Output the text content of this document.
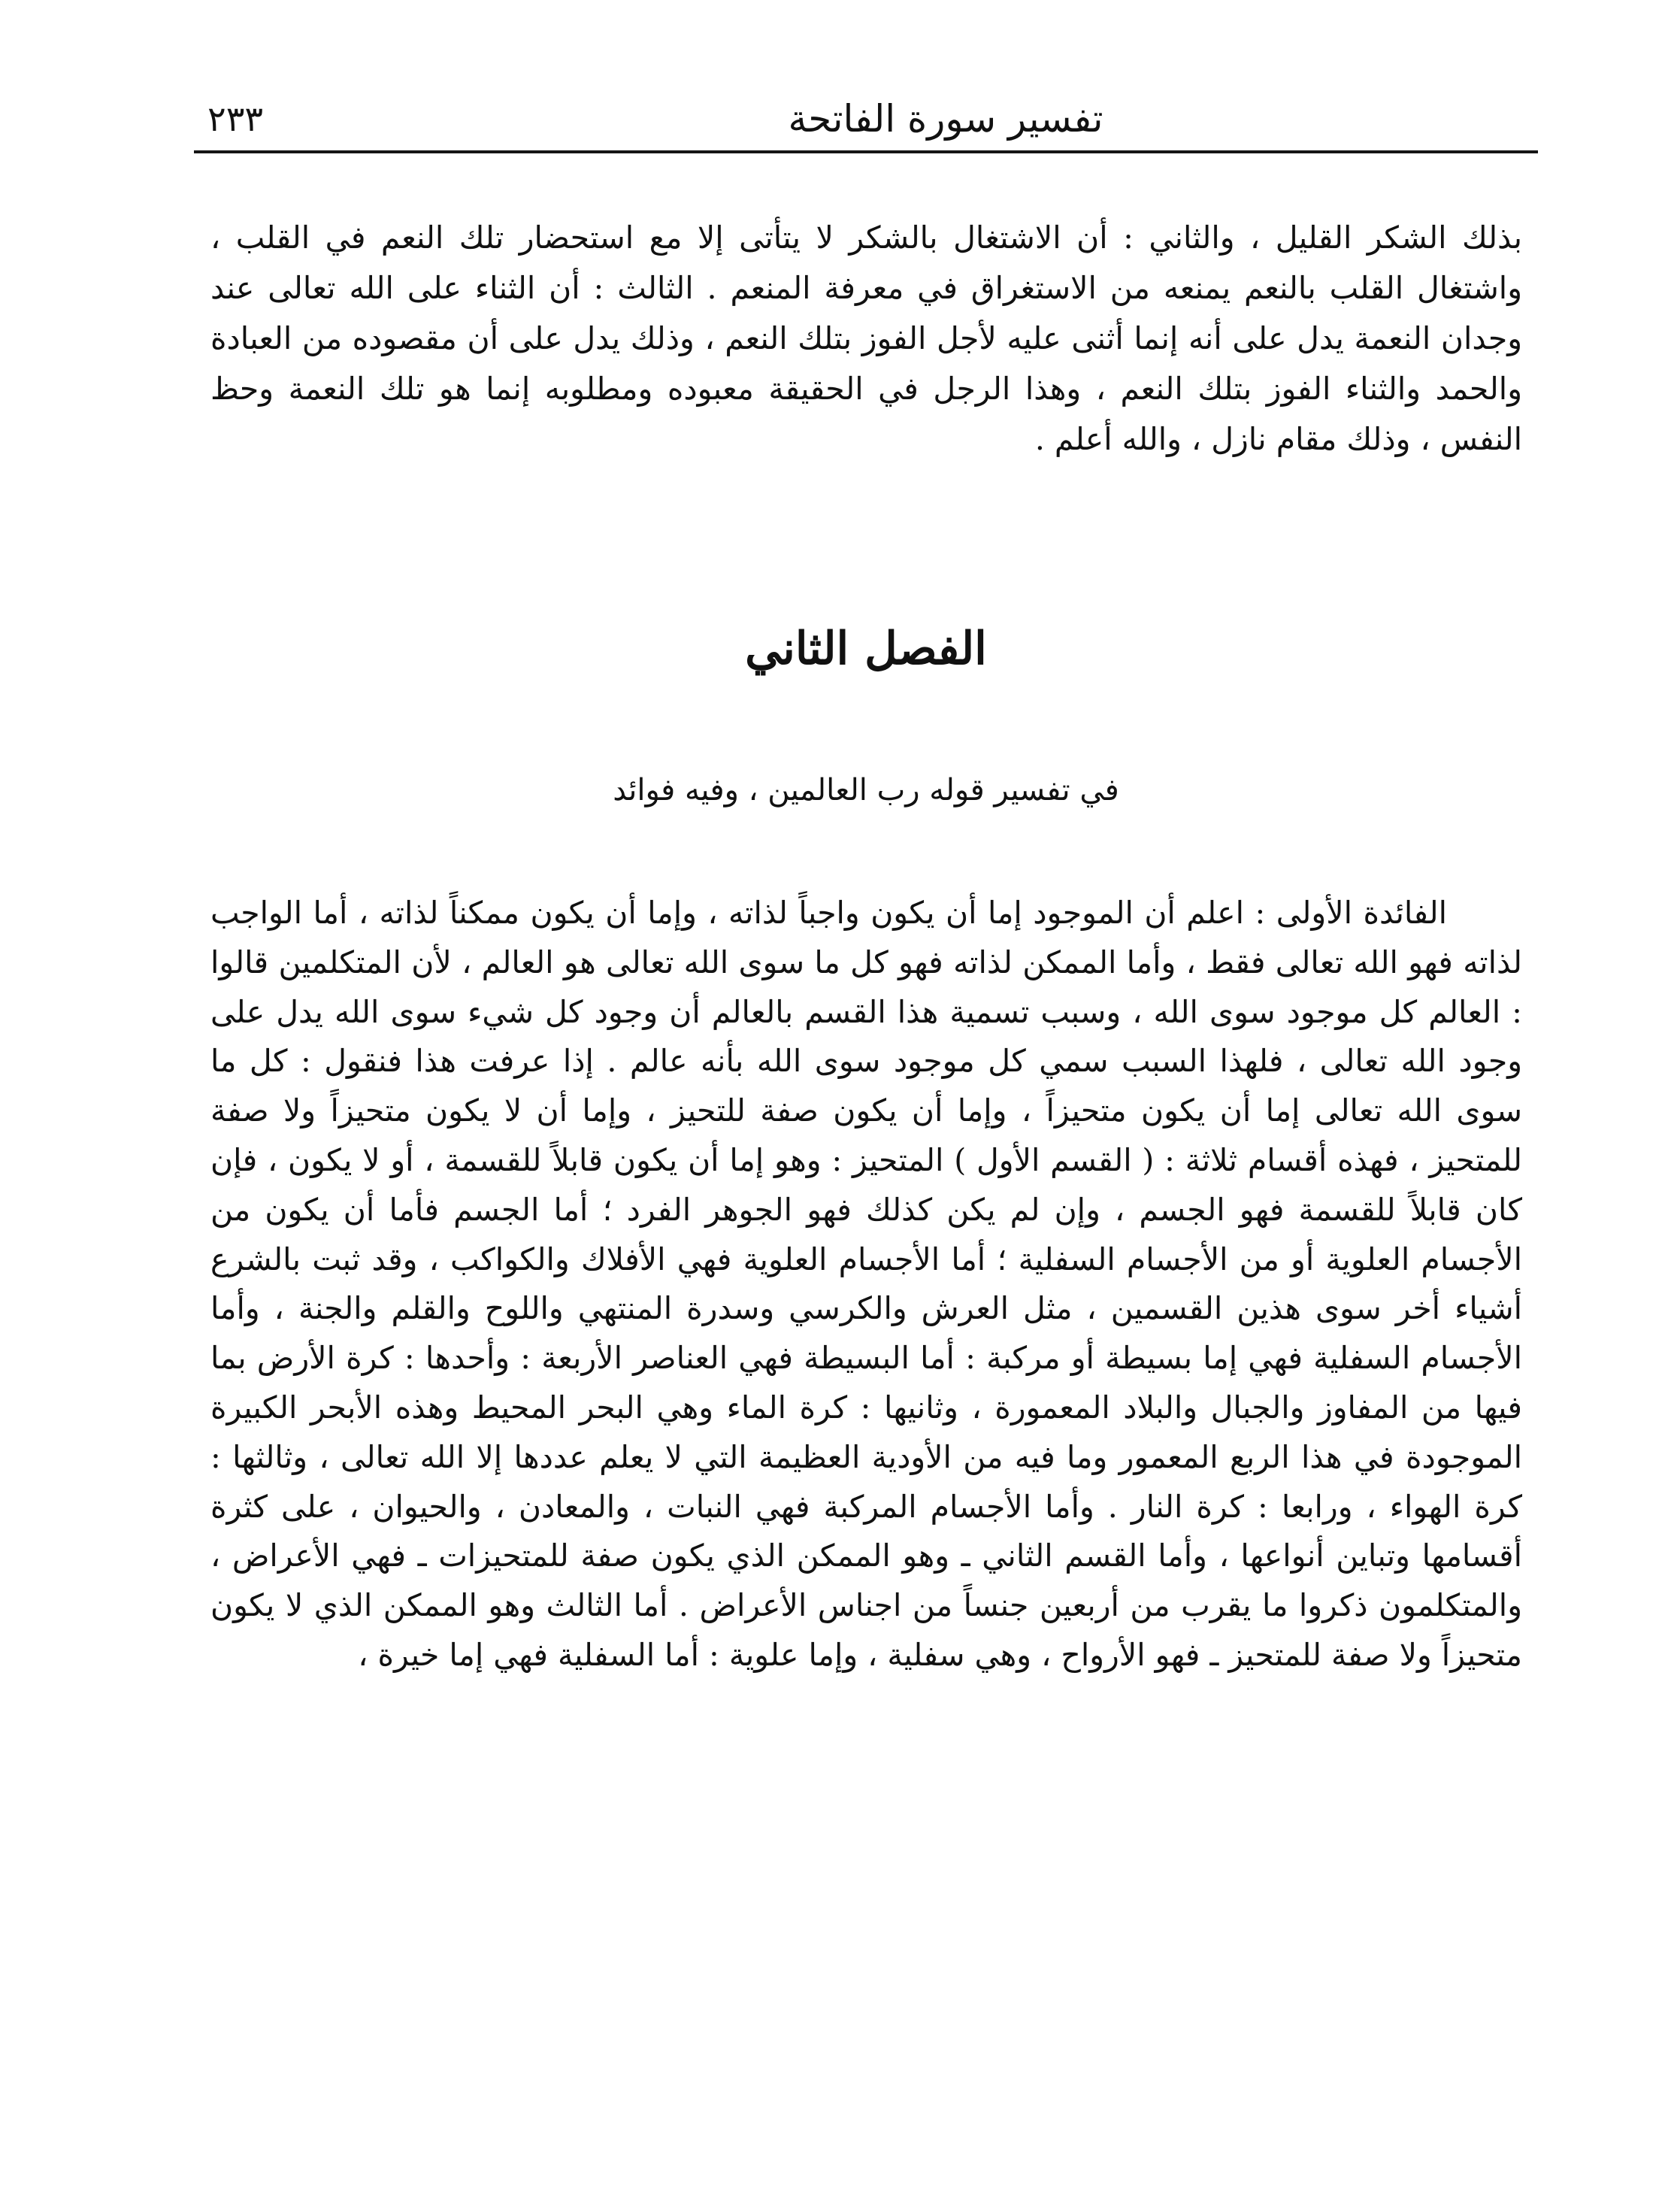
٢٣٣	تفسير سورة الفاتحة

بذلك الشكر القليل ، والثاني : أن الاشتغال بالشكر لا يتأتى إلا مع استحضار تلك النعم في القلب ، واشتغال القلب بالنعم يمنعه من الاستغراق في معرفة المنعم . الثالث : أن الثناء على الله تعالى عند وجدان النعمة يدل على أنه إنما أثنى عليه لأجل الفوز بتلك النعم ، وذلك يدل على أن مقصوده من العبادة والحمد والثناء الفوز بتلك النعم ، وهذا الرجل في الحقيقة معبوده ومطلوبه إنما هو تلك النعمة وحظ النفس ، وذلك مقام نازل ، والله أعلم .

الفصل الثاني
في تفسير قوله رب العالمين ، وفيه فوائد

الفائدة الأولى : اعلم أن الموجود إما أن يكون واجباً لذاته ، وإما أن يكون ممكناً لذاته ، أما الواجب لذاته فهو الله تعالى فقط ، وأما الممكن لذاته فهو كل ما سوى الله تعالى هو العالم ، لأن المتكلمين قالوا : العالم كل موجود سوى الله ، وسبب تسمية هذا القسم بالعالم أن وجود كل شيء سوى الله يدل على وجود الله تعالى ، فلهذا السبب سمي كل موجود سوى الله بأنه عالم . إذا عرفت هذا فنقول : كل ما سوى الله تعالى إما أن يكون متحيزاً ، وإما أن يكون صفة للتحيز ، وإما أن لا يكون متحيزاً ولا صفة للمتحيز ، فهذه أقسام ثلاثة : ( القسم الأول ) المتحيز : وهو إما أن يكون قابلاً للقسمة ، أو لا يكون ، فإن كان قابلاً للقسمة فهو الجسم ، وإن لم يكن كذلك فهو الجوهر الفرد ؛ أما الجسم فأما أن يكون من الأجسام العلوية أو من الأجسام السفلية ؛ أما الأجسام العلوية فهي الأفلاك والكواكب ، وقد ثبت بالشرع أشياء أخر سوى هذين القسمين ، مثل العرش والكرسي وسدرة المنتهي واللوح والقلم والجنة ، وأما الأجسام السفلية فهي إما بسيطة أو مركبة : أما البسيطة فهي العناصر الأربعة : وأحدها : كرة الأرض بما فيها من المفاوز والجبال والبلاد المعمورة ، وثانيها : كرة الماء وهي البحر المحيط وهذه الأبحر الكبيرة الموجودة في هذا الربع المعمور وما فيه من الأودية العظيمة التي لا يعلم عددها إلا الله تعالى ، وثالثها : كرة الهواء ، ورابعا : كرة النار . وأما الأجسام المركبة فهي النبات ، والمعادن ، والحيوان ، على كثرة أقسامها وتباين أنواعها ، وأما القسم الثاني ـ وهو الممكن الذي يكون صفة للمتحيزات ـ فهي الأعراض ، والمتكلمون ذكروا ما يقرب من أربعين جنساً من اجناس الأعراض . أما الثالث وهو الممكن الذي لا يكون متحيزاً ولا صفة للمتحيز ـ فهو الأرواح ، وهي سفلية ، وإما علوية : أما السفلية فهي إما خيرة ،
